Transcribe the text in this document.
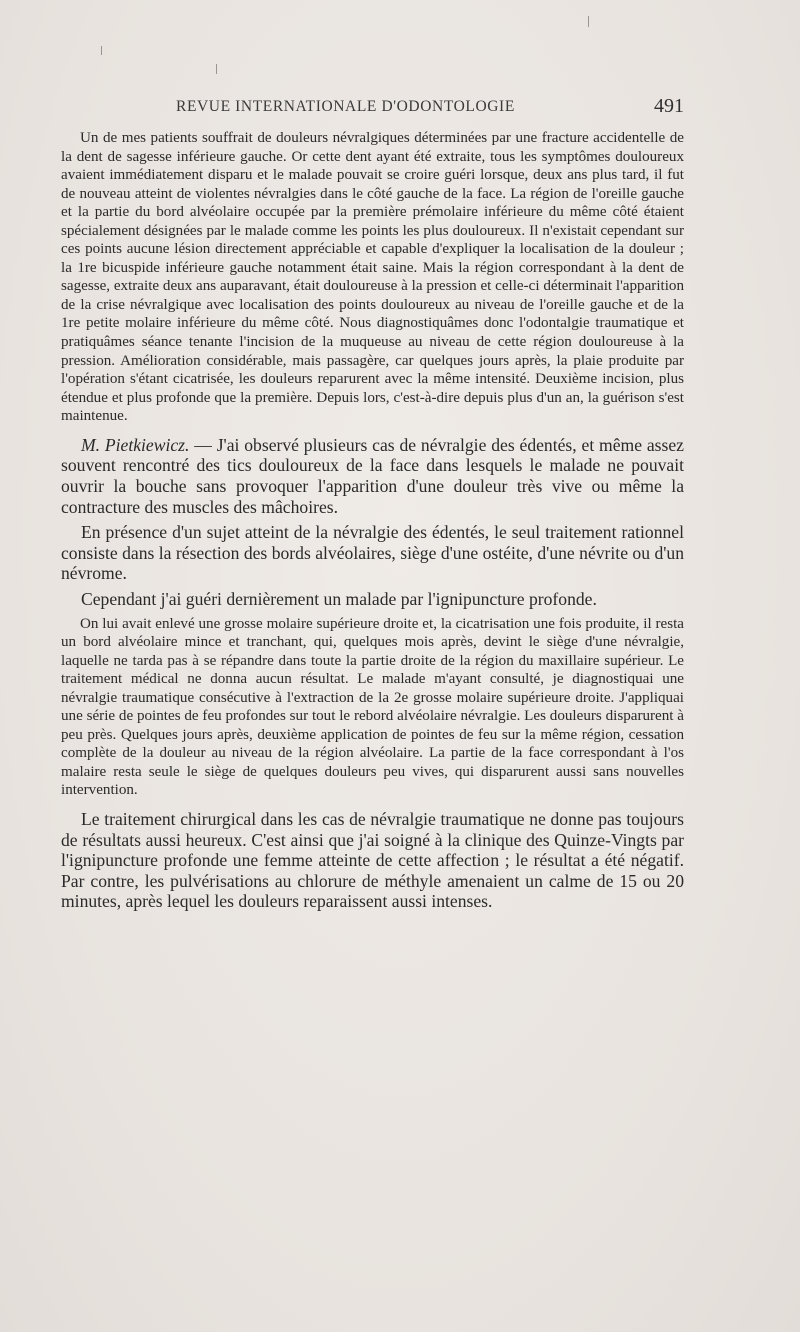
REVUE INTERNATIONALE D'ODONTOLOGIE	491

Un de mes patients souffrait de douleurs névralgiques déterminées par une fracture accidentelle de la dent de sagesse inférieure gauche. Or cette dent ayant été extraite, tous les symptômes douloureux avaient immédiatement disparu et le malade pouvait se croire guéri lorsque, deux ans plus tard, il fut de nouveau atteint de violentes névralgies dans le côté gauche de la face. La région de l'oreille gauche et la partie du bord alvéolaire occupée par la première prémolaire inférieure du même côté étaient spécialement désignées par le malade comme les points les plus douloureux. Il n'existait cependant sur ces points aucune lésion directement appréciable et capable d'expliquer la localisation de la douleur ; la 1re bicuspide inférieure gauche notamment était saine. Mais la région correspondant à la dent de sagesse, extraite deux ans auparavant, était douloureuse à la pression et celle-ci déterminait l'apparition de la crise névralgique avec localisation des points douloureux au niveau de l'oreille gauche et de la 1re petite molaire inférieure du même côté. Nous diagnostiquâmes donc l'odontalgie traumatique et pratiquâmes séance tenante l'incision de la muqueuse au niveau de cette région douloureuse à la pression. Amélioration considérable, mais passagère, car quelques jours après, la plaie produite par l'opération s'étant cicatrisée, les douleurs reparurent avec la même intensité. Deuxième incision, plus étendue et plus profonde que la première. Depuis lors, c'est-à-dire depuis plus d'un an, la guérison s'est maintenue.

M. Pietkiewicz. — J'ai observé plusieurs cas de névralgie des édentés, et même assez souvent rencontré des tics douloureux de la face dans lesquels le malade ne pouvait ouvrir la bouche sans provoquer l'apparition d'une douleur très vive ou même la contracture des muscles des mâchoires.

En présence d'un sujet atteint de la névralgie des édentés, le seul traitement rationnel consiste dans la résection des bords alvéolaires, siège d'une ostéite, d'une névrite ou d'un névrome.

Cependant j'ai guéri dernièrement un malade par l'ignipuncture profonde.

On lui avait enlevé une grosse molaire supérieure droite et, la cicatrisation une fois produite, il resta un bord alvéolaire mince et tranchant, qui, quelques mois après, devint le siège d'une névralgie, laquelle ne tarda pas à se répandre dans toute la partie droite de la région du maxillaire supérieur. Le traitement médical ne donna aucun résultat. Le malade m'ayant consulté, je diagnostiquai une névralgie traumatique consécutive à l'extraction de la 2e grosse molaire supérieure droite. J'appliquai une série de pointes de feu profondes sur tout le rebord alvéolaire névralgie. Les douleurs disparurent à peu près. Quelques jours après, deuxième application de pointes de feu sur la même région, cessation complète de la douleur au niveau de la région alvéolaire. La partie de la face correspondant à l'os malaire resta seule le siège de quelques douleurs peu vives, qui disparurent aussi sans nouvelles intervention.

Le traitement chirurgical dans les cas de névralgie traumatique ne donne pas toujours de résultats aussi heureux. C'est ainsi que j'ai soigné à la clinique des Quinze-Vingts par l'ignipuncture profonde une femme atteinte de cette affection ; le résultat a été négatif. Par contre, les pulvérisations au chlorure de méthyle amenaient un calme de 15 ou 20 minutes, après lequel les douleurs reparaissent aussi intenses.
